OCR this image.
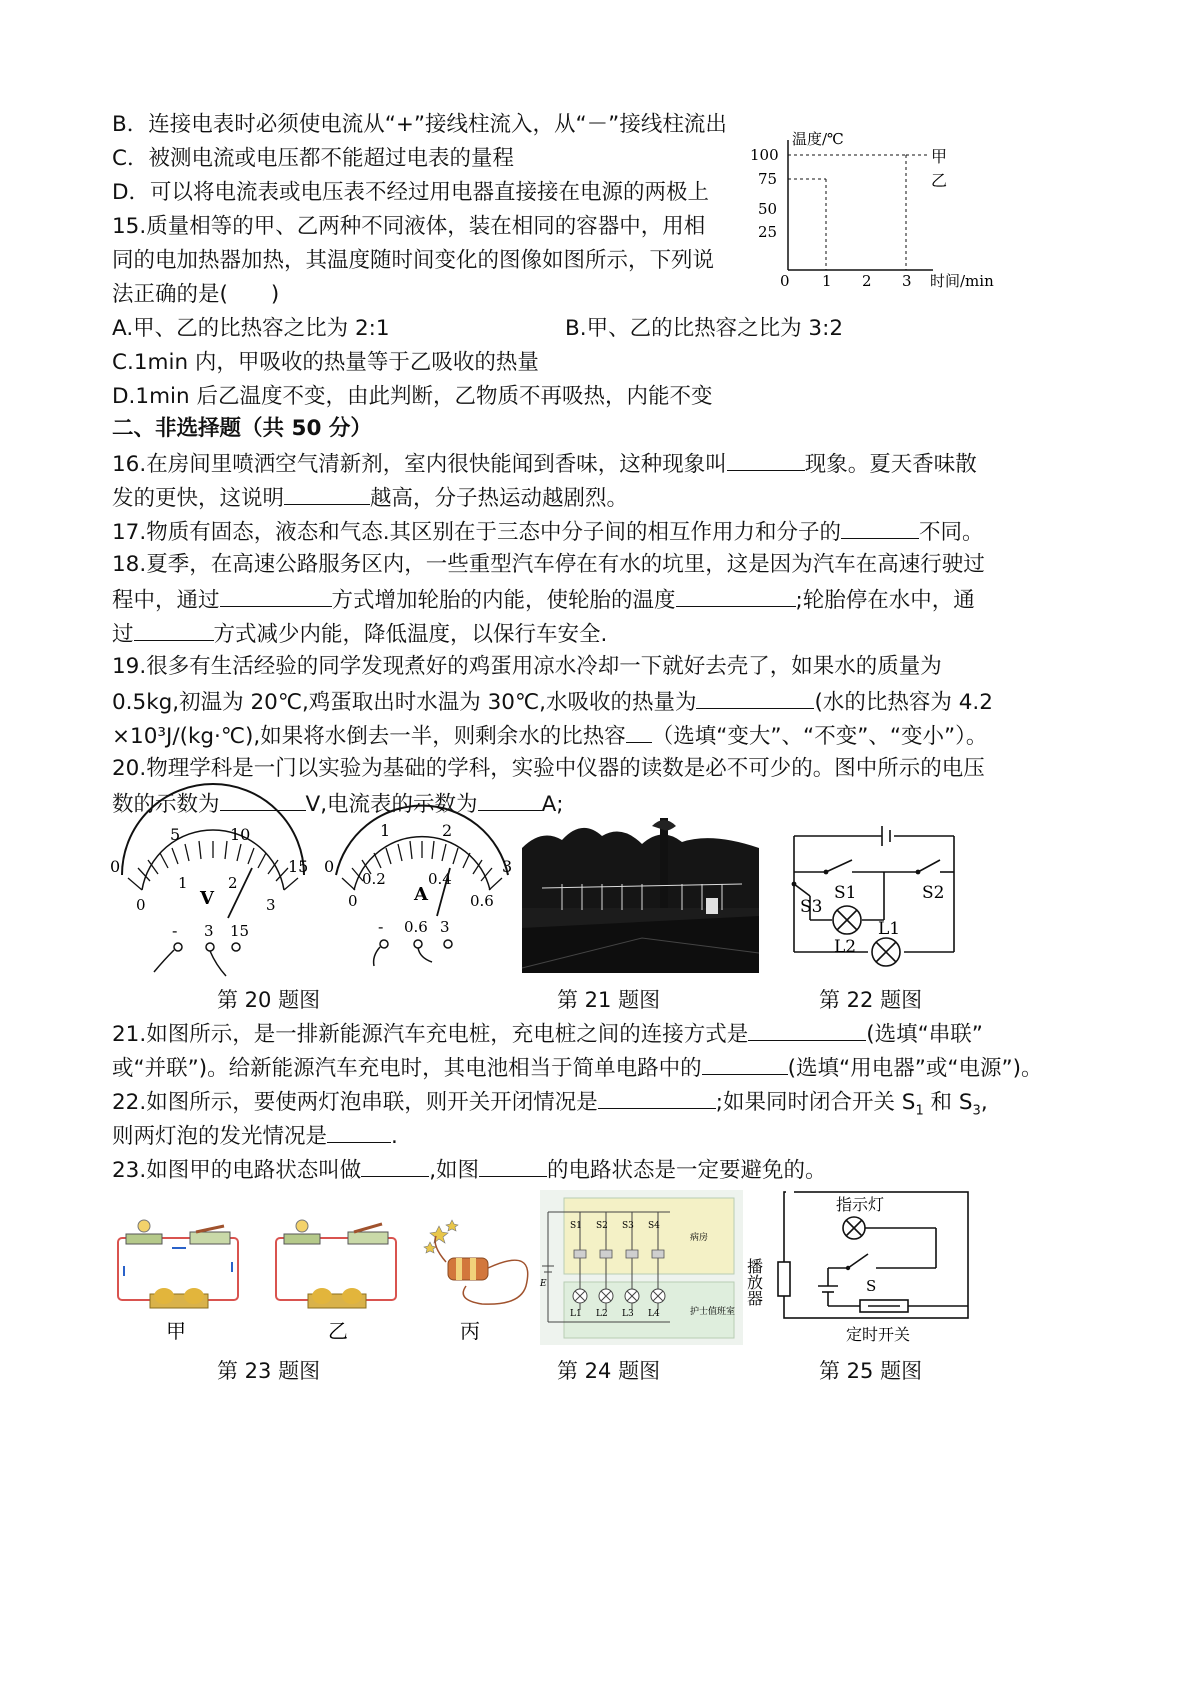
B．连接电表时必须使电流从“+”接线柱流入，从“－”接线柱流出
C．被测电流或电压都不能超过电表的量程
D．可以将电流表或电压表不经过用电器直接接在电源的两极上
15.质量相等的甲、乙两种不同液体，装在相同的容器中，用相
同的电加热器加热，其温度随时间变化的图像如图所示，下列说
法正确的是(　　)
A.甲、乙的比热容之比为 2:1	B.甲、乙的比热容之比为 3:2
C.1min 内，甲吸收的热量等于乙吸收的热量
D.1min 后乙温度不变，由此判断，乙物质不再吸热，内能不变
温度/℃
100
75
50
25
0 1 2 3 时间/min
甲
乙
二、非选择题（共 50 分）
16.在房间里喷洒空气清新剂，室内很快能闻到香味，这种现象叫	现象。夏天香味散
发的更快，这说明	越高，分子热运动越剧烈。
17.物质有固态，液态和气态.其区别在于三态中分子间的相互作用力和分子的	不同。
18.夏季，在高速公路服务区内，一些重型汽车停在有水的坑里，这是因为汽车在高速行驶过
程中，通过	方式增加轮胎的内能，使轮胎的温度	;轮胎停在水中，通
过	方式减少内能，降低温度，以保行车安全.
19.很多有生活经验的同学发现煮好的鸡蛋用凉水冷却一下就好去壳了，如果水的质量为
0.5kg,初温为 20℃,鸡蛋取出时水温为 30℃,水吸收的热量为	(水的比热容为 4.2
×10³J/(kg·℃),如果将水倒去一半，则剩余水的比热容 （选填“变大”、“不变”、“变小”）。
20.物理学科是一门以实验为基础的学科，实验中仪器的读数是必不可少的。图中所示的电压
数的示数为	V,电流表的示数为	A;
0
5	10
15
0
1	2
3
V
- 3 15
0
1	2
3
0
0.2	0.4
0.6
A
- 0.6 3
S1	S2
S3
L2
L1
第 20 题图	第 21 题图	第 22 题图
21.如图所示，是一排新能源汽车充电桩，充电桩之间的连接方式是	(选填“串联”
或“并联”)。给新能源汽车充电时，其电池相当于简单电路中的	(选填“用电器”或“电源”)。
22.如图所示，要使两灯泡串联，则开关开闭情况是	;如果同时闭合开关 $S_1$ 和 $S_3$,
则两灯泡的发光情况是	.
23.如图甲的电路状态叫做	,如图	的电路状态是一定要避免的。
甲	乙	丙
S1 S2 S3 S4
L1 L2 L3 L4
病房
护士值班室
E
指示灯
S
定时开关
播放器
第 23 题图	第 24 题图	第 25 题图
